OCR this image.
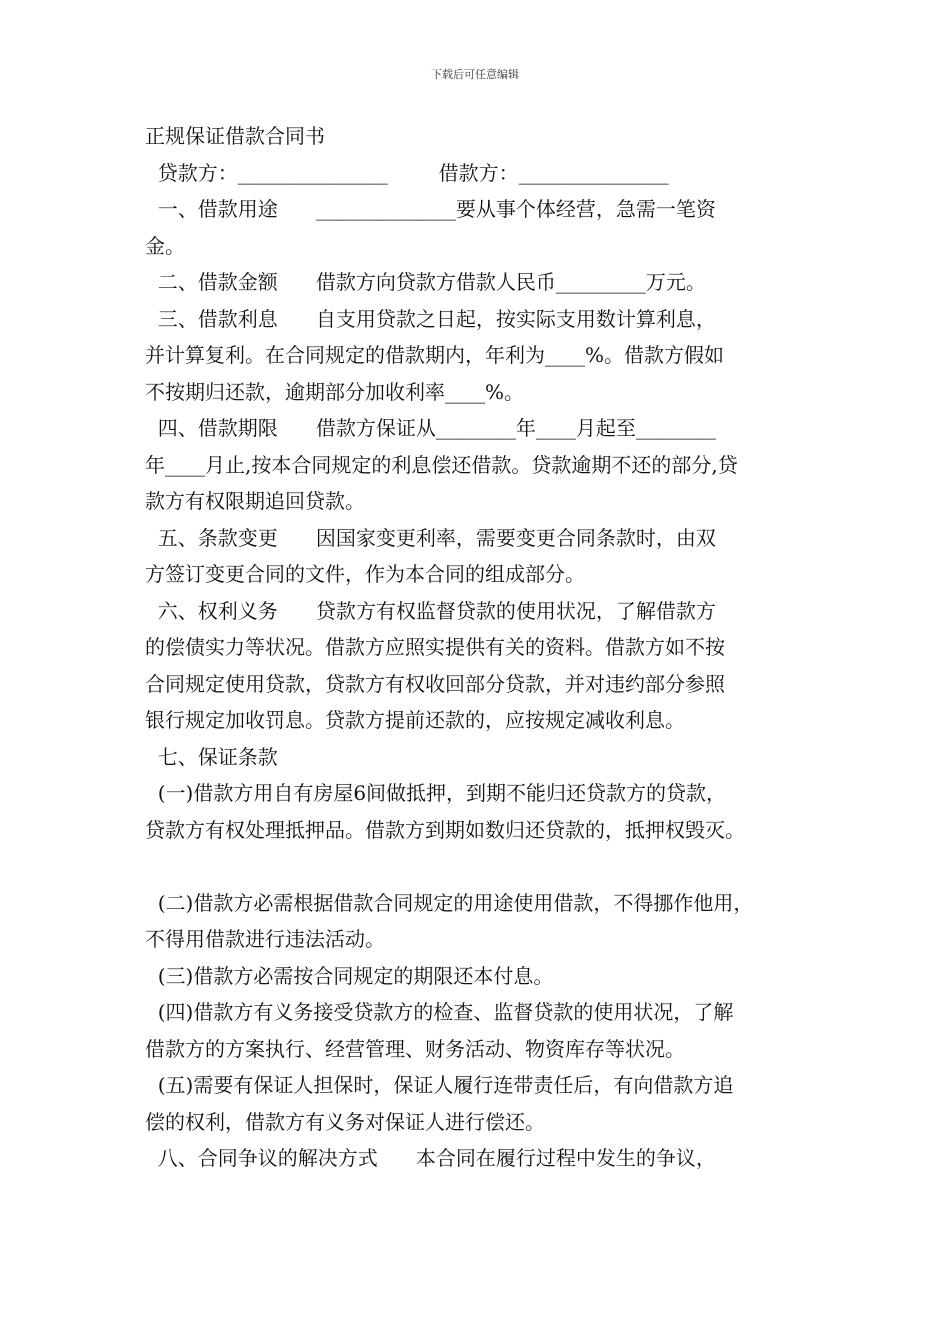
下载后可任意编辑
正规保证借款合同书
贷款方：_______________        借款方：_______________
一、借款用途      ______________要从事个体经营，急需一笔资
金。
二、借款金额      借款方向贷款方借款人民币_________万元。
三、借款利息      自支用贷款之日起，按实际支用数计算利息，
并计算复利。在合同规定的借款期内，年利为____%。借款方假如
不按期归还款，逾期部分加收利率____%。
四、借款期限      借款方保证从________年____月起至________
年____月止,按本合同规定的利息偿还借款。贷款逾期不还的部分,贷
款方有权限期追回贷款。
五、条款变更      因国家变更利率，需要变更合同条款时，由双
方签订变更合同的文件，作为本合同的组成部分。
六、权利义务      贷款方有权监督贷款的使用状况，了解借款方
的偿债实力等状况。借款方应照实提供有关的资料。借款方如不按
合同规定使用贷款，贷款方有权收回部分贷款，并对违约部分参照
银行规定加收罚息。贷款方提前还款的，应按规定减收利息。
七、保证条款
(一)借款方用自有房屋6间做抵押，到期不能归还贷款方的贷款，
贷款方有权处理抵押品。借款方到期如数归还贷款的，抵押权毁灭。
(二)借款方必需根据借款合同规定的用途使用借款，不得挪作他用，
不得用借款进行违法活动。
(三)借款方必需按合同规定的期限还本付息。
(四)借款方有义务接受贷款方的检查、监督贷款的使用状况，了解
借款方的方案执行、经营管理、财务活动、物资库存等状况。
(五)需要有保证人担保时，保证人履行连带责任后，有向借款方追
偿的权利，借款方有义务对保证人进行偿还。
八、合同争议的解决方式      本合同在履行过程中发生的争议，
